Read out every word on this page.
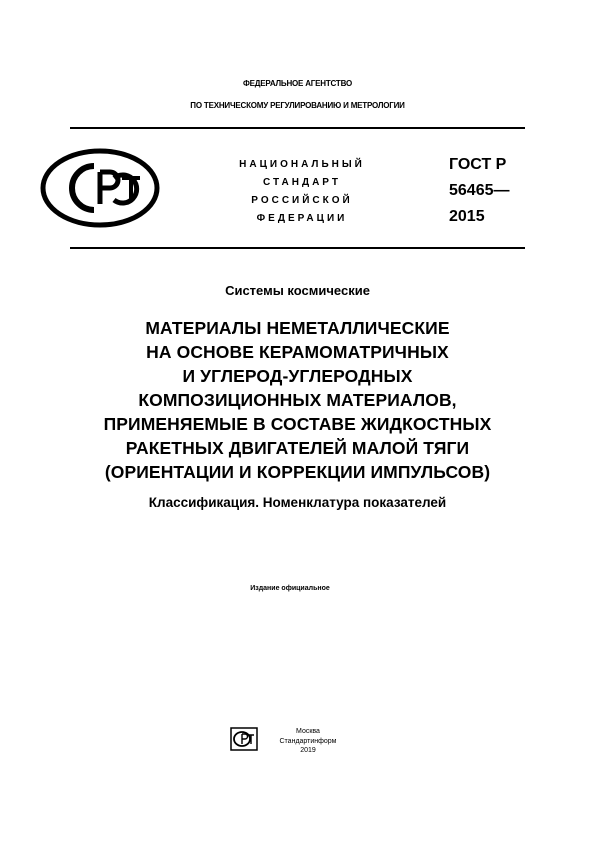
ФЕДЕРАЛЬНОЕ АГЕНТСТВО
ПО ТЕХНИЧЕСКОМУ РЕГУЛИРОВАНИЮ И МЕТРОЛОГИИ
НАЦИОНАЛЬНЫЙ
СТАНДАРТ
РОССИЙСКОЙ
ФЕДЕРАЦИИ
ГОСТ Р
56465—
2015
Системы космические
МАТЕРИАЛЫ НЕМЕТАЛЛИЧЕСКИЕ
НА ОСНОВЕ КЕРАМОМАТРИЧНЫХ
И УГЛЕРОД-УГЛЕРОДНЫХ
КОМПОЗИЦИОННЫХ МАТЕРИАЛОВ,
ПРИМЕНЯЕМЫЕ В СОСТАВЕ ЖИДКОСТНЫХ
РАКЕТНЫХ ДВИГАТЕЛЕЙ МАЛОЙ ТЯГИ
(ОРИЕНТАЦИИ И КОРРЕКЦИИ ИМПУЛЬСОВ)
Классификация. Номенклатура показателей
Издание официальное
Москва
Стандартинформ
2019
